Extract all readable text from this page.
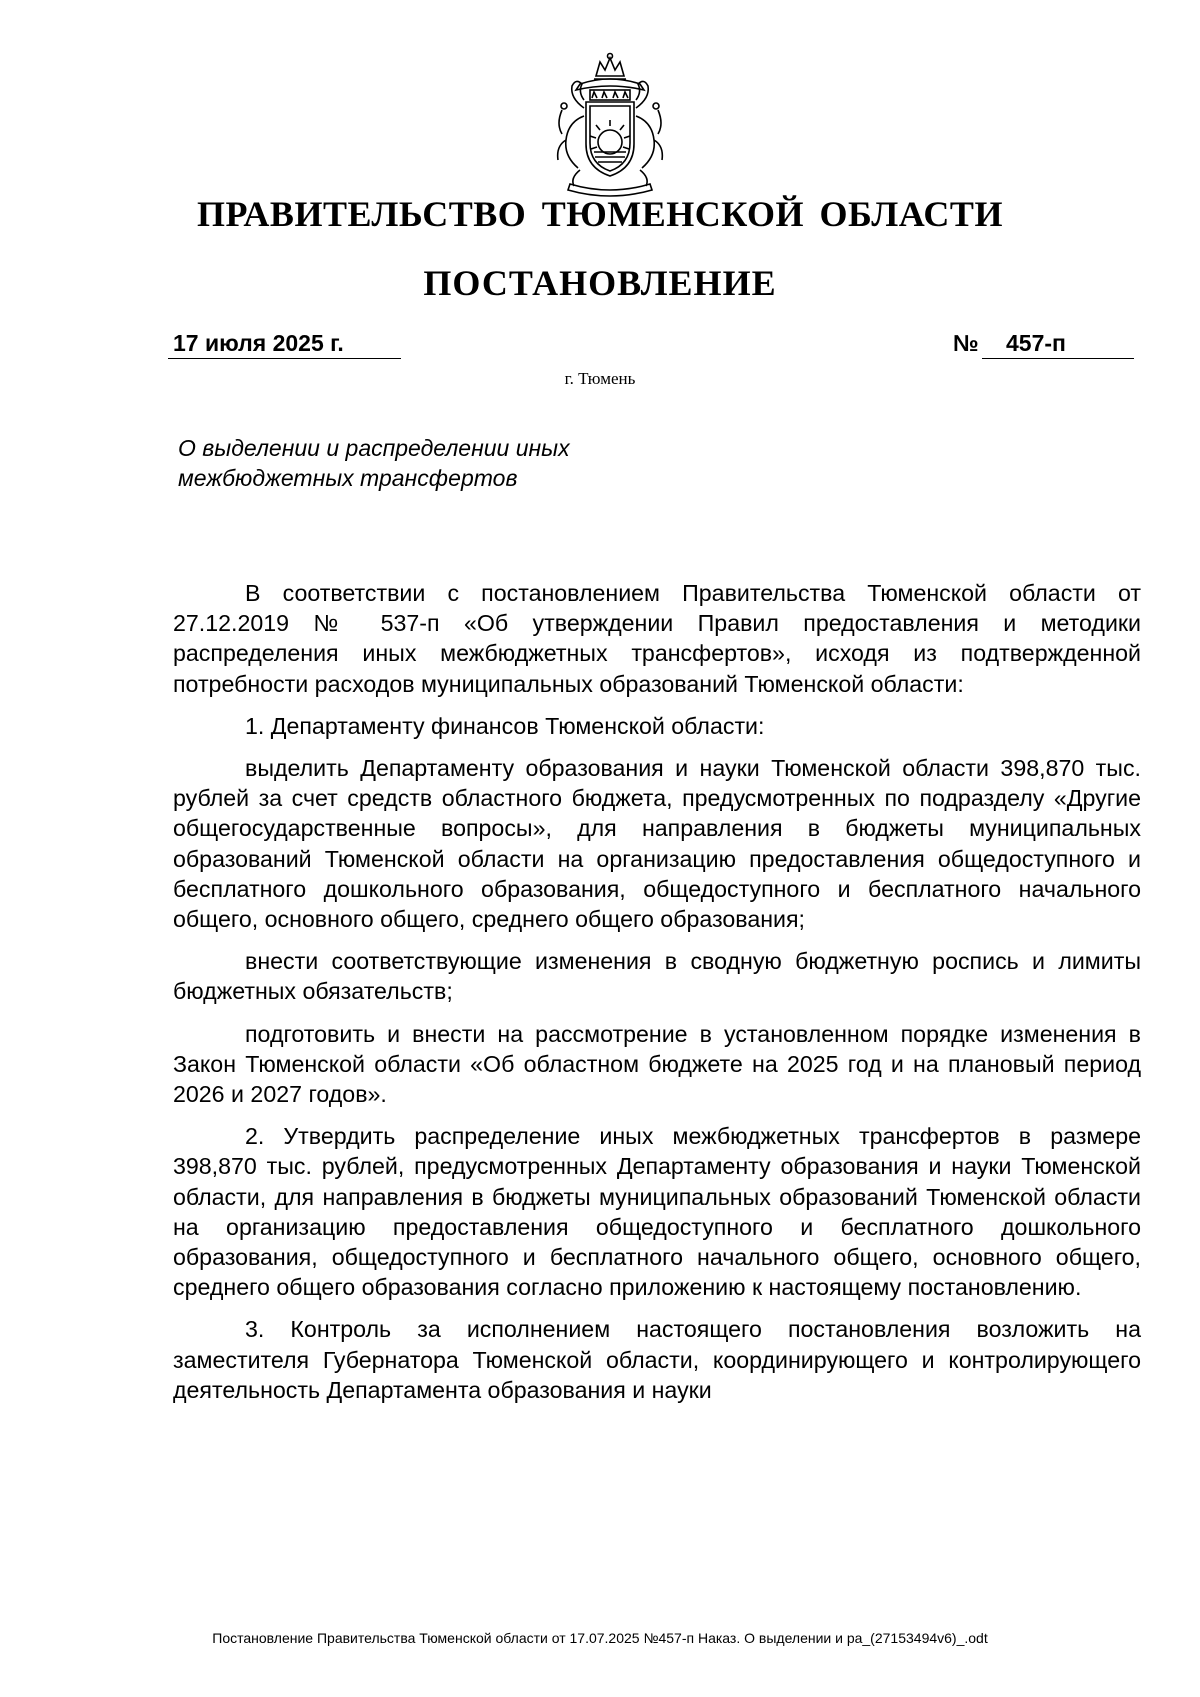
ПРАВИТЕЛЬСТВО ТЮМЕНСКОЙ ОБЛАСТИ
ПОСТАНОВЛЕНИЕ
17 июля 2025 г.	№ 457-п
г. Тюмень
О выделении и распределении иных межбюджетных трансфертов

В соответствии с постановлением Правительства Тюменской области от 27.12.2019 № 537-п «Об утверждении Правил предоставления и методики распределения иных межбюджетных трансфертов», исходя из подтвержденной потребности расходов муниципальных образований Тюменской области:

1. Департаменту финансов Тюменской области:

выделить Департаменту образования и науки Тюменской области 398,870 тыс. рублей за счет средств областного бюджета, предусмотренных по подразделу «Другие общегосударственные вопросы», для направления в бюджеты муниципальных образований Тюменской области на организацию предоставления общедоступного и бесплатного дошкольного образования, общедоступного и бесплатного начального общего, основного общего, среднего общего образования;

внести соответствующие изменения в сводную бюджетную роспись и лимиты бюджетных обязательств;

подготовить и внести на рассмотрение в установленном порядке изменения в Закон Тюменской области «Об областном бюджете на 2025 год и на плановый период 2026 и 2027 годов».

2. Утвердить распределение иных межбюджетных трансфертов в размере 398,870 тыс. рублей, предусмотренных Департаменту образования и науки Тюменской области, для направления в бюджеты муниципальных образований Тюменской области на организацию предоставления общедоступного и бесплатного дошкольного образования, общедоступного и бесплатного начального общего, основного общего, среднего общего образования согласно приложению к настоящему постановлению.

3. Контроль за исполнением настоящего постановления возложить на заместителя Губернатора Тюменской области, координирующего и контролирующего деятельность Департамента образования и науки

Постановление Правительства Тюменской области от 17.07.2025 №457-п Наказ. О выделении и ра_(27153494v6)_.odt
